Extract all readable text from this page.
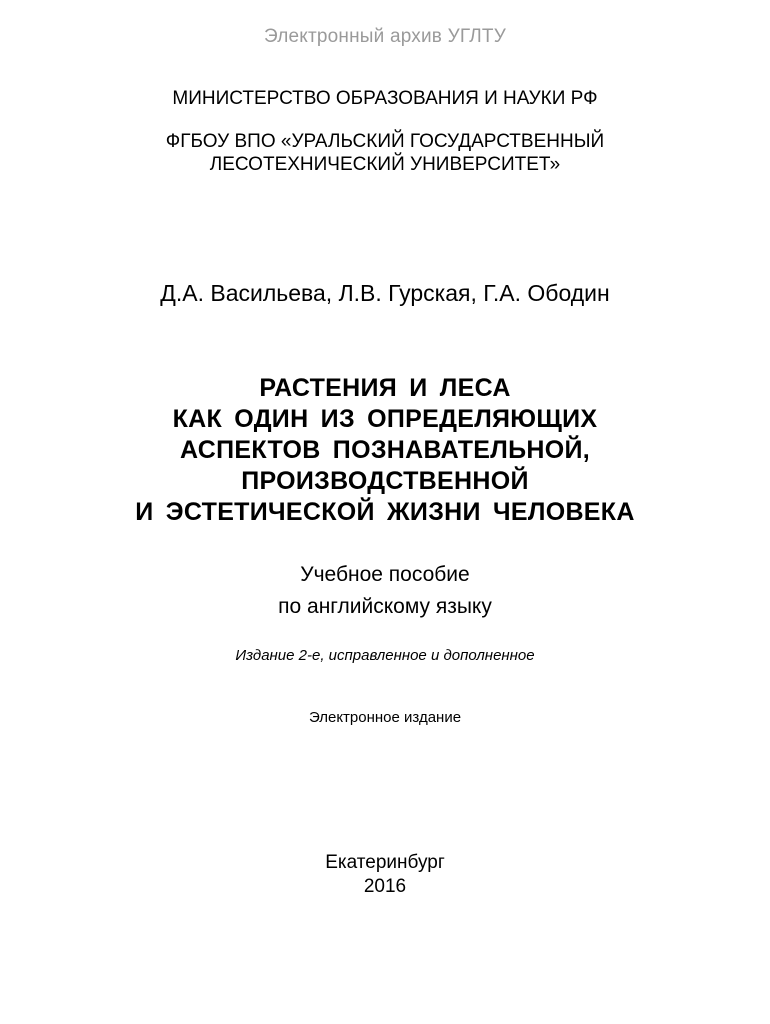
Электронный архив УГЛТУ
МИНИСТЕРСТВО ОБРАЗОВАНИЯ И НАУКИ РФ
ФГБОУ ВПО «УРАЛЬСКИЙ ГОСУДАРСТВЕННЫЙ
ЛЕСОТЕХНИЧЕСКИЙ УНИВЕРСИТЕТ»
Д.А. Васильева, Л.В. Гурская, Г.А. Ободин
РАСТЕНИЯ И ЛЕСА
КАК ОДИН ИЗ ОПРЕДЕЛЯЮЩИХ
АСПЕКТОВ ПОЗНАВАТЕЛЬНОЙ,
ПРОИЗВОДСТВЕННОЙ
И ЭСТЕТИЧЕСКОЙ ЖИЗНИ ЧЕЛОВЕКА
Учебное пособие
по английскому языку
Издание 2-е, исправленное и дополненное
Электронное издание
Екатеринбург
2016
